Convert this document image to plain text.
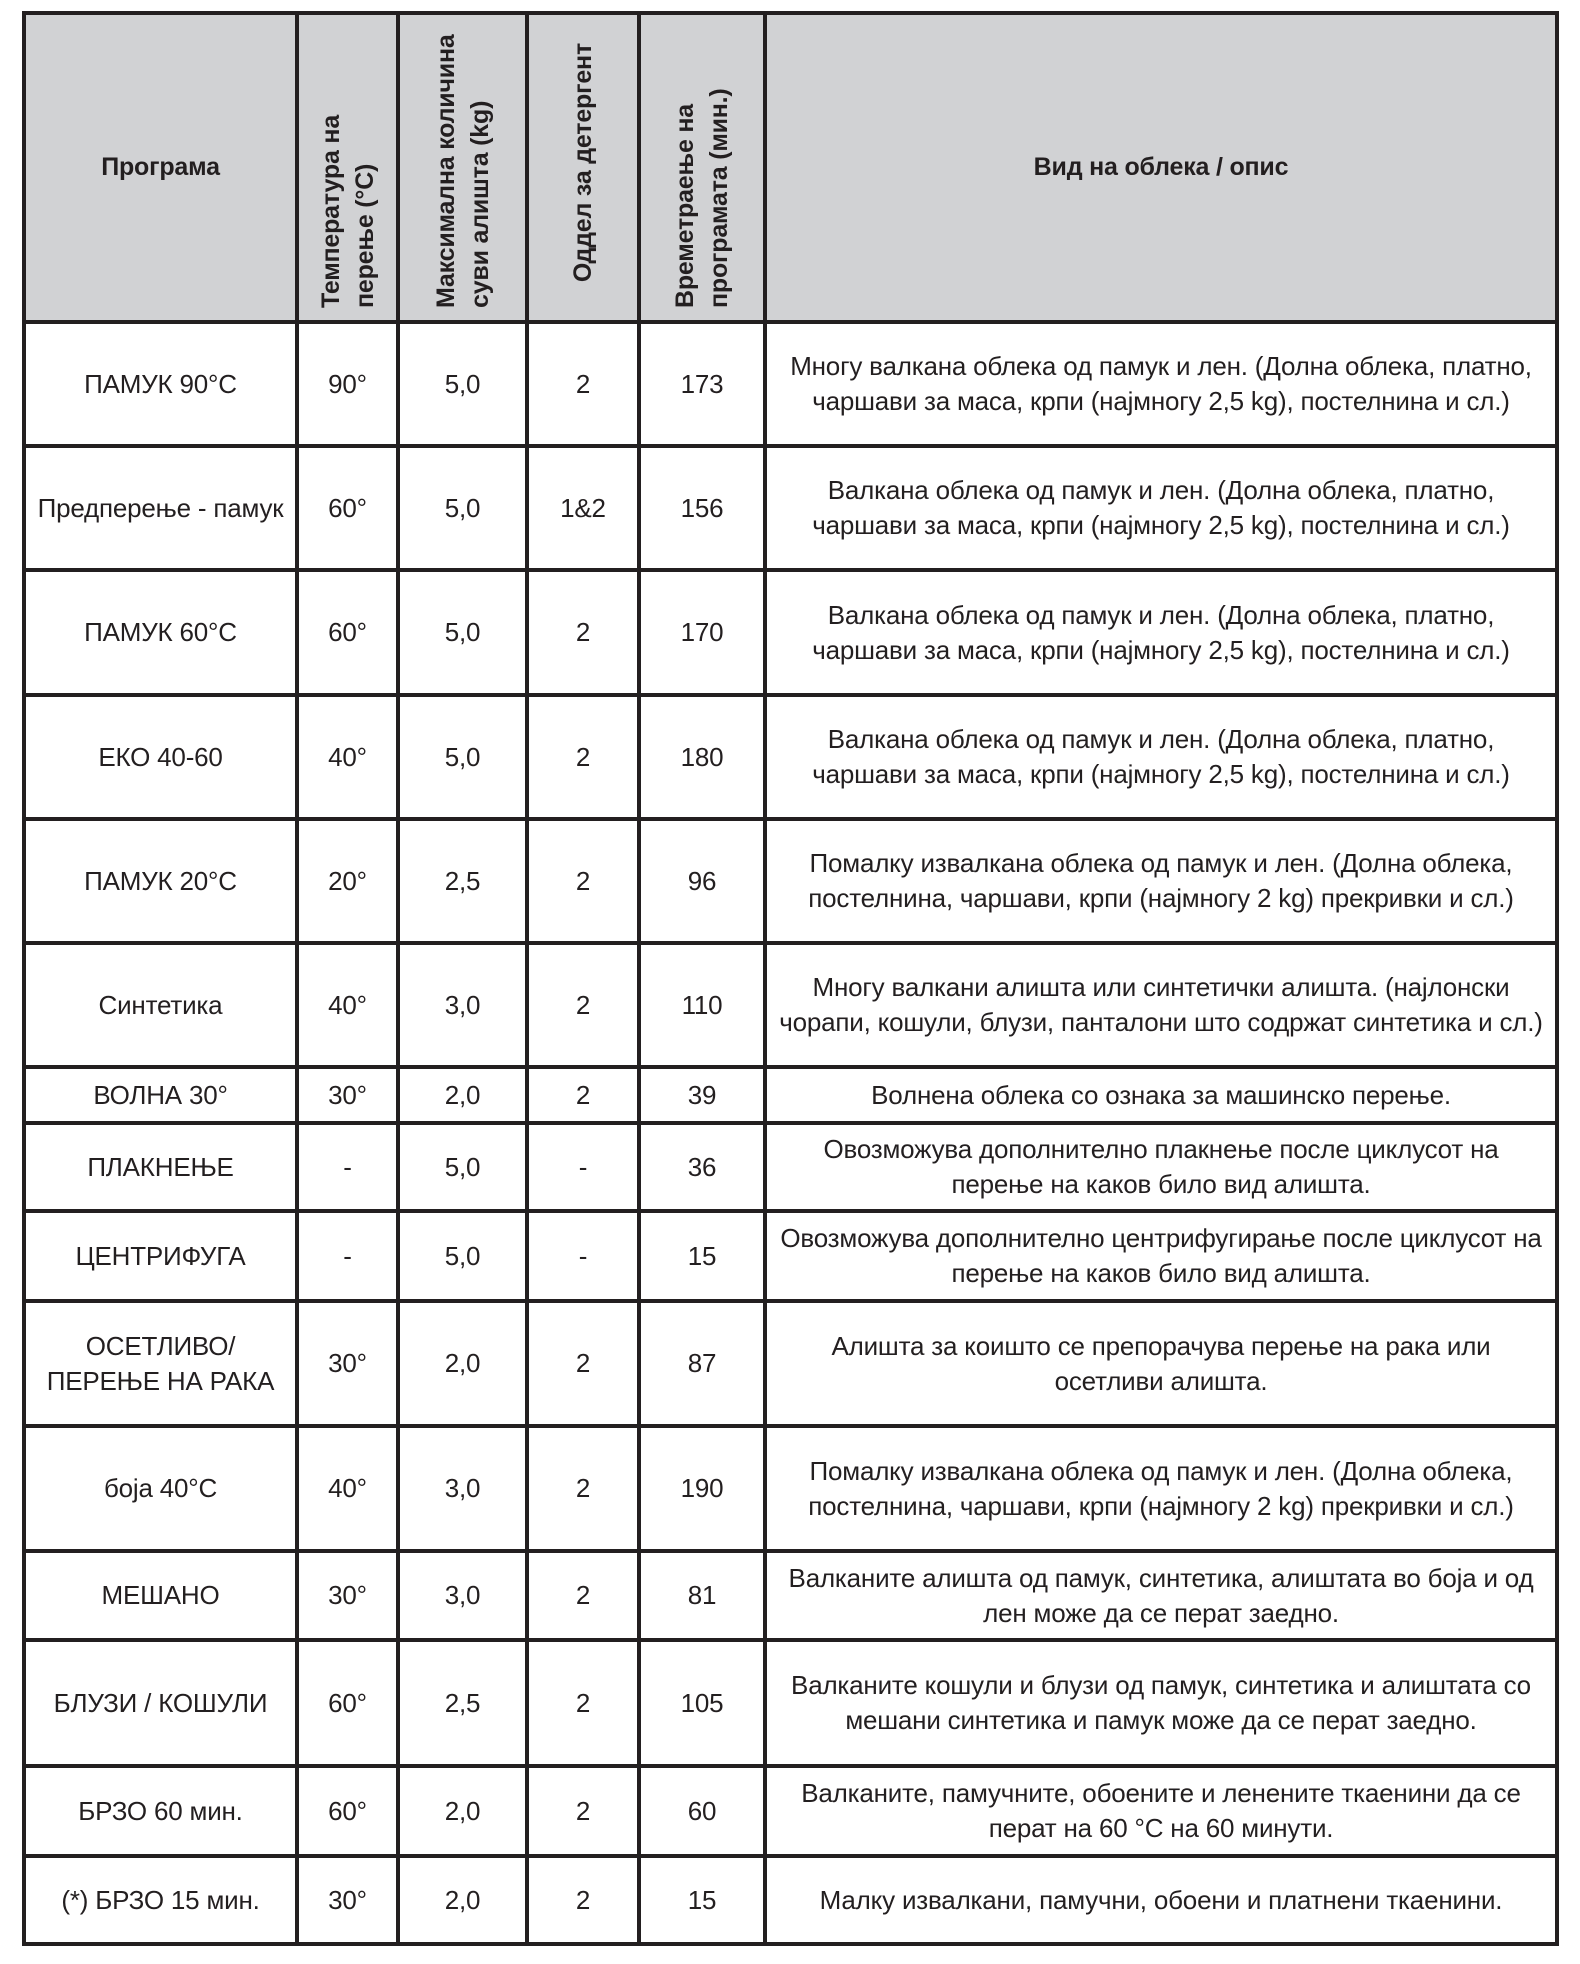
Програма	Температура на перење (°C)	Максимална количина суви алишта (kg)	Оддел за детергент	Времетраење на програмата (мин.)	Вид на облека / опис
ПАМУК 90°C	90°	5,0	2	173	Многу валкана облека од памук и лен. (Долна облека, платно, чаршави за маса, крпи (најмногу 2,5 kg), постелнина и сл.)
Предперење - памук	60°	5,0	1&2	156	Валкана облека од памук и лен. (Долна облека, платно, чаршави за маса, крпи (најмногу 2,5 kg), постелнина и сл.)
ПАМУК 60°C	60°	5,0	2	170	Валкана облека од памук и лен. (Долна облека, платно, чаршави за маса, крпи (најмногу 2,5 kg), постелнина и сл.)
ЕКО 40-60	40°	5,0	2	180	Валкана облека од памук и лен. (Долна облека, платно, чаршави за маса, крпи (најмногу 2,5 kg), постелнина и сл.)
ПАМУК 20°C	20°	2,5	2	96	Помалку извалкана облека од памук и лен. (Долна облека, постелнина, чаршави, крпи (најмногу 2 kg) прекривки и сл.)
Синтетика	40°	3,0	2	110	Многу валкани алишта или синтетички алишта. (најлонски чорапи, кошули, блузи, панталони што содржат синтетика и сл.)
ВОЛНА 30°	30°	2,0	2	39	Волнена облека со ознака за машинско перење.
ПЛАКНЕЊЕ	-	5,0	-	36	Овозможува дополнително плакнење после циклусот на перење на каков било вид алишта.
ЦЕНТРИФУГА	-	5,0	-	15	Овозможува дополнително центрифугирање после циклусот на перење на каков било вид алишта.
ОСЕТЛИВО/ ПЕРЕЊЕ НА РАКА	30°	2,0	2	87	Алишта за коишто се препорачува перење на рака или осетливи алишта.
боја 40°C	40°	3,0	2	190	Помалку извалкана облека од памук и лен. (Долна облека, постелнина, чаршави, крпи (најмногу 2 kg) прекривки и сл.)
МЕШАНО	30°	3,0	2	81	Валканите алишта од памук, синтетика, алиштата во боја и од лен може да се перат заедно.
БЛУЗИ / КОШУЛИ	60°	2,5	2	105	Валканите кошули и блузи од памук, синтетика и алиштата со мешани синтетика и памук може да се перат заедно.
БРЗО 60 мин.	60°	2,0	2	60	Валканите, памучните, обоените и лененитe ткаенини да се перат на 60 °C на 60 минути.
(*) БРЗО 15 мин.	30°	2,0	2	15	Малку извалкани, памучни, обоени и платнени ткаенини.
